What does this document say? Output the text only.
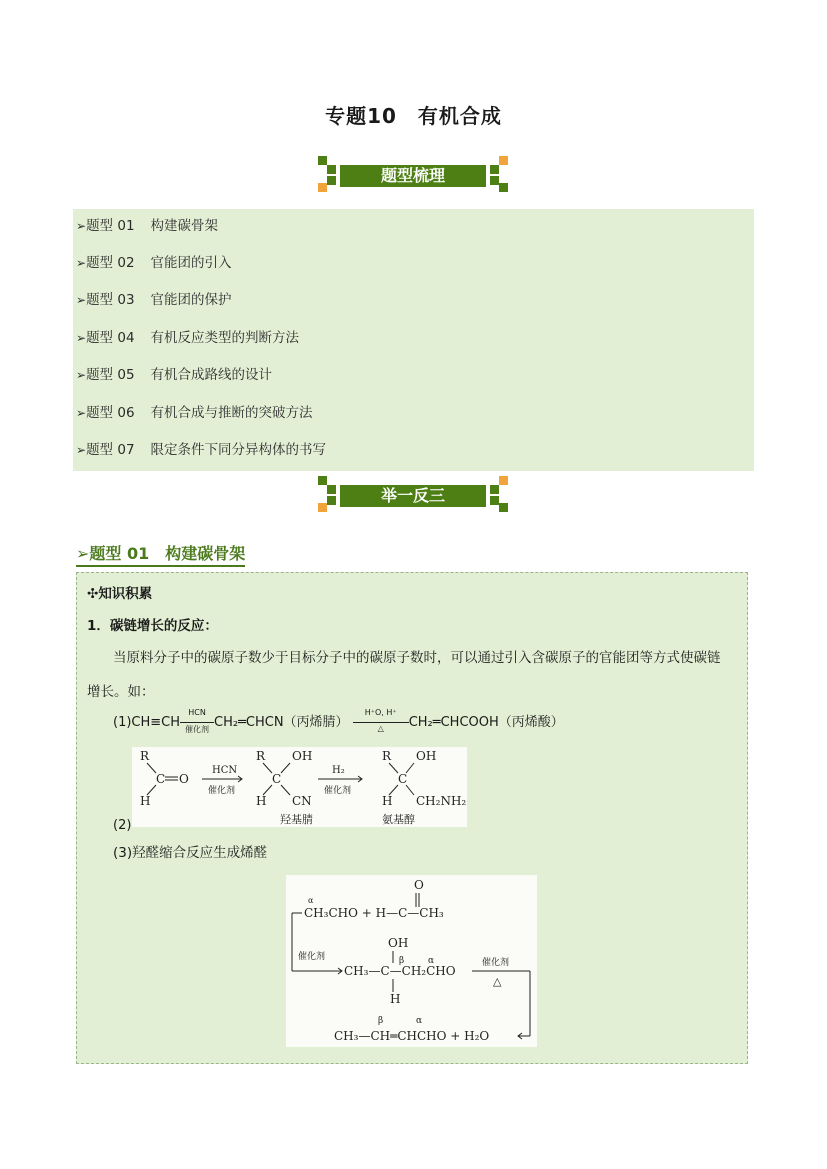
专题10　有机合成
题型梳理
➢题型 01 构建碳骨架
➢题型 02 官能团的引入
➢题型 03 官能团的保护
➢题型 04 有机反应类型的判断方法
➢题型 05 有机合成路线的设计
➢题型 06 有机合成与推断的突破方法
➢题型 07 限定条件下同分异构体的书写
举一反三
➢题型 01　 构建碳骨架
✣知识积累
1．碳链增长的反应：
当原料分子中的碳原子数少于目标分子中的碳原子数时，可以通过引入含碳原子的官能团等方式使碳链
增长。如：
(1)CH≡CH
HCN
催化剂 CH₂═CHCN（丙烯腈）
H⁺O, H⁺
△	CH₂═CHCOOH（丙烯酸）
R
H
C O
HCN
催化剂
R OH
C
H CN
H₂
催化剂
R OH
C
H CH₂NH₂
羟基腈	氨基醇
(2)
(3)羟醛缩合反应生成烯醛
O
α
CH₃CHO + H—C—CH₃
OH
β	α
催化剂
CH₃—C—CH₂CHO
催化剂
△
H
β	α
CH₃—CH═CHCHO + H₂O
